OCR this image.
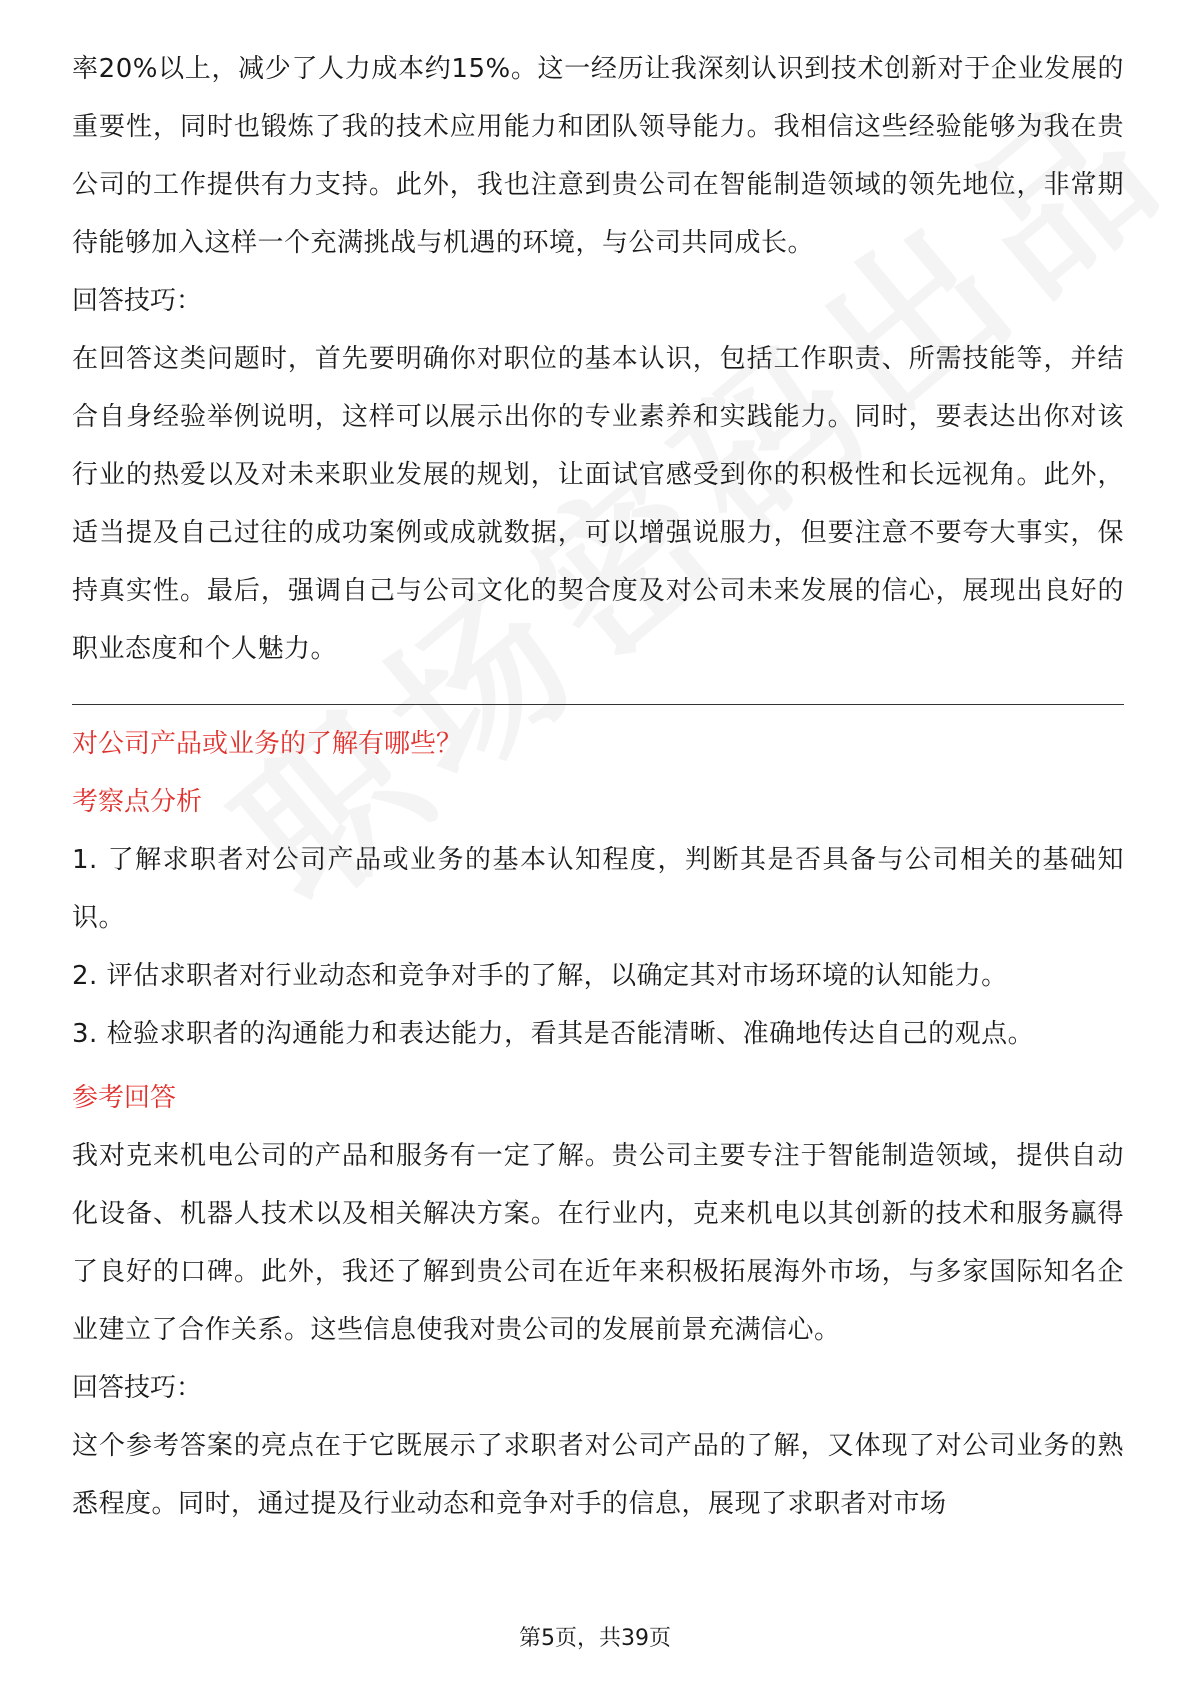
率20%以上，减少了人力成本约15%。这一经历让我深刻认识到技术创新对于企业发展的重要性，同时也锻炼了我的技术应用能力和团队领导能力。我相信这些经验能够为我在贵公司的工作提供有力支持。此外，我也注意到贵公司在智能制造领域的领先地位，非常期待能够加入这样一个充满挑战与机遇的环境，与公司共同成长。

回答技巧：

在回答这类问题时，首先要明确你对职位的基本认识，包括工作职责、所需技能等，并结合自身经验举例说明，这样可以展示出你的专业素养和实践能力。同时，要表达出你对该行业的热爱以及对未来职业发展的规划，让面试官感受到你的积极性和长远视角。此外，适当提及自己过往的成功案例或成就数据，可以增强说服力，但要注意不要夸大事实，保持真实性。最后，强调自己与公司文化的契合度及对公司未来发展的信心，展现出良好的职业态度和个人魅力。

对公司产品或业务的了解有哪些？
考察点分析

1. 了解求职者对公司产品或业务的基本认知程度，判断其是否具备与公司相关的基础知识。

2. 评估求职者对行业动态和竞争对手的了解，以确定其对市场环境的认知能力。

3. 检验求职者的沟通能力和表达能力，看其是否能清晰、准确地传达自己的观点。

参考回答

我对克来机电公司的产品和服务有一定了解。贵公司主要专注于智能制造领域，提供自动化设备、机器人技术以及相关解决方案。在行业内，克来机电以其创新的技术和服务赢得了良好的口碑。此外，我还了解到贵公司在近年来积极拓展海外市场，与多家国际知名企业建立了合作关系。这些信息使我对贵公司的发展前景充满信心。

回答技巧：

这个参考答案的亮点在于它既展示了求职者对公司产品的了解，又体现了对公司业务的熟悉程度。同时，通过提及行业动态和竞争对手的信息，展现了求职者对市场

第5页，共39页
